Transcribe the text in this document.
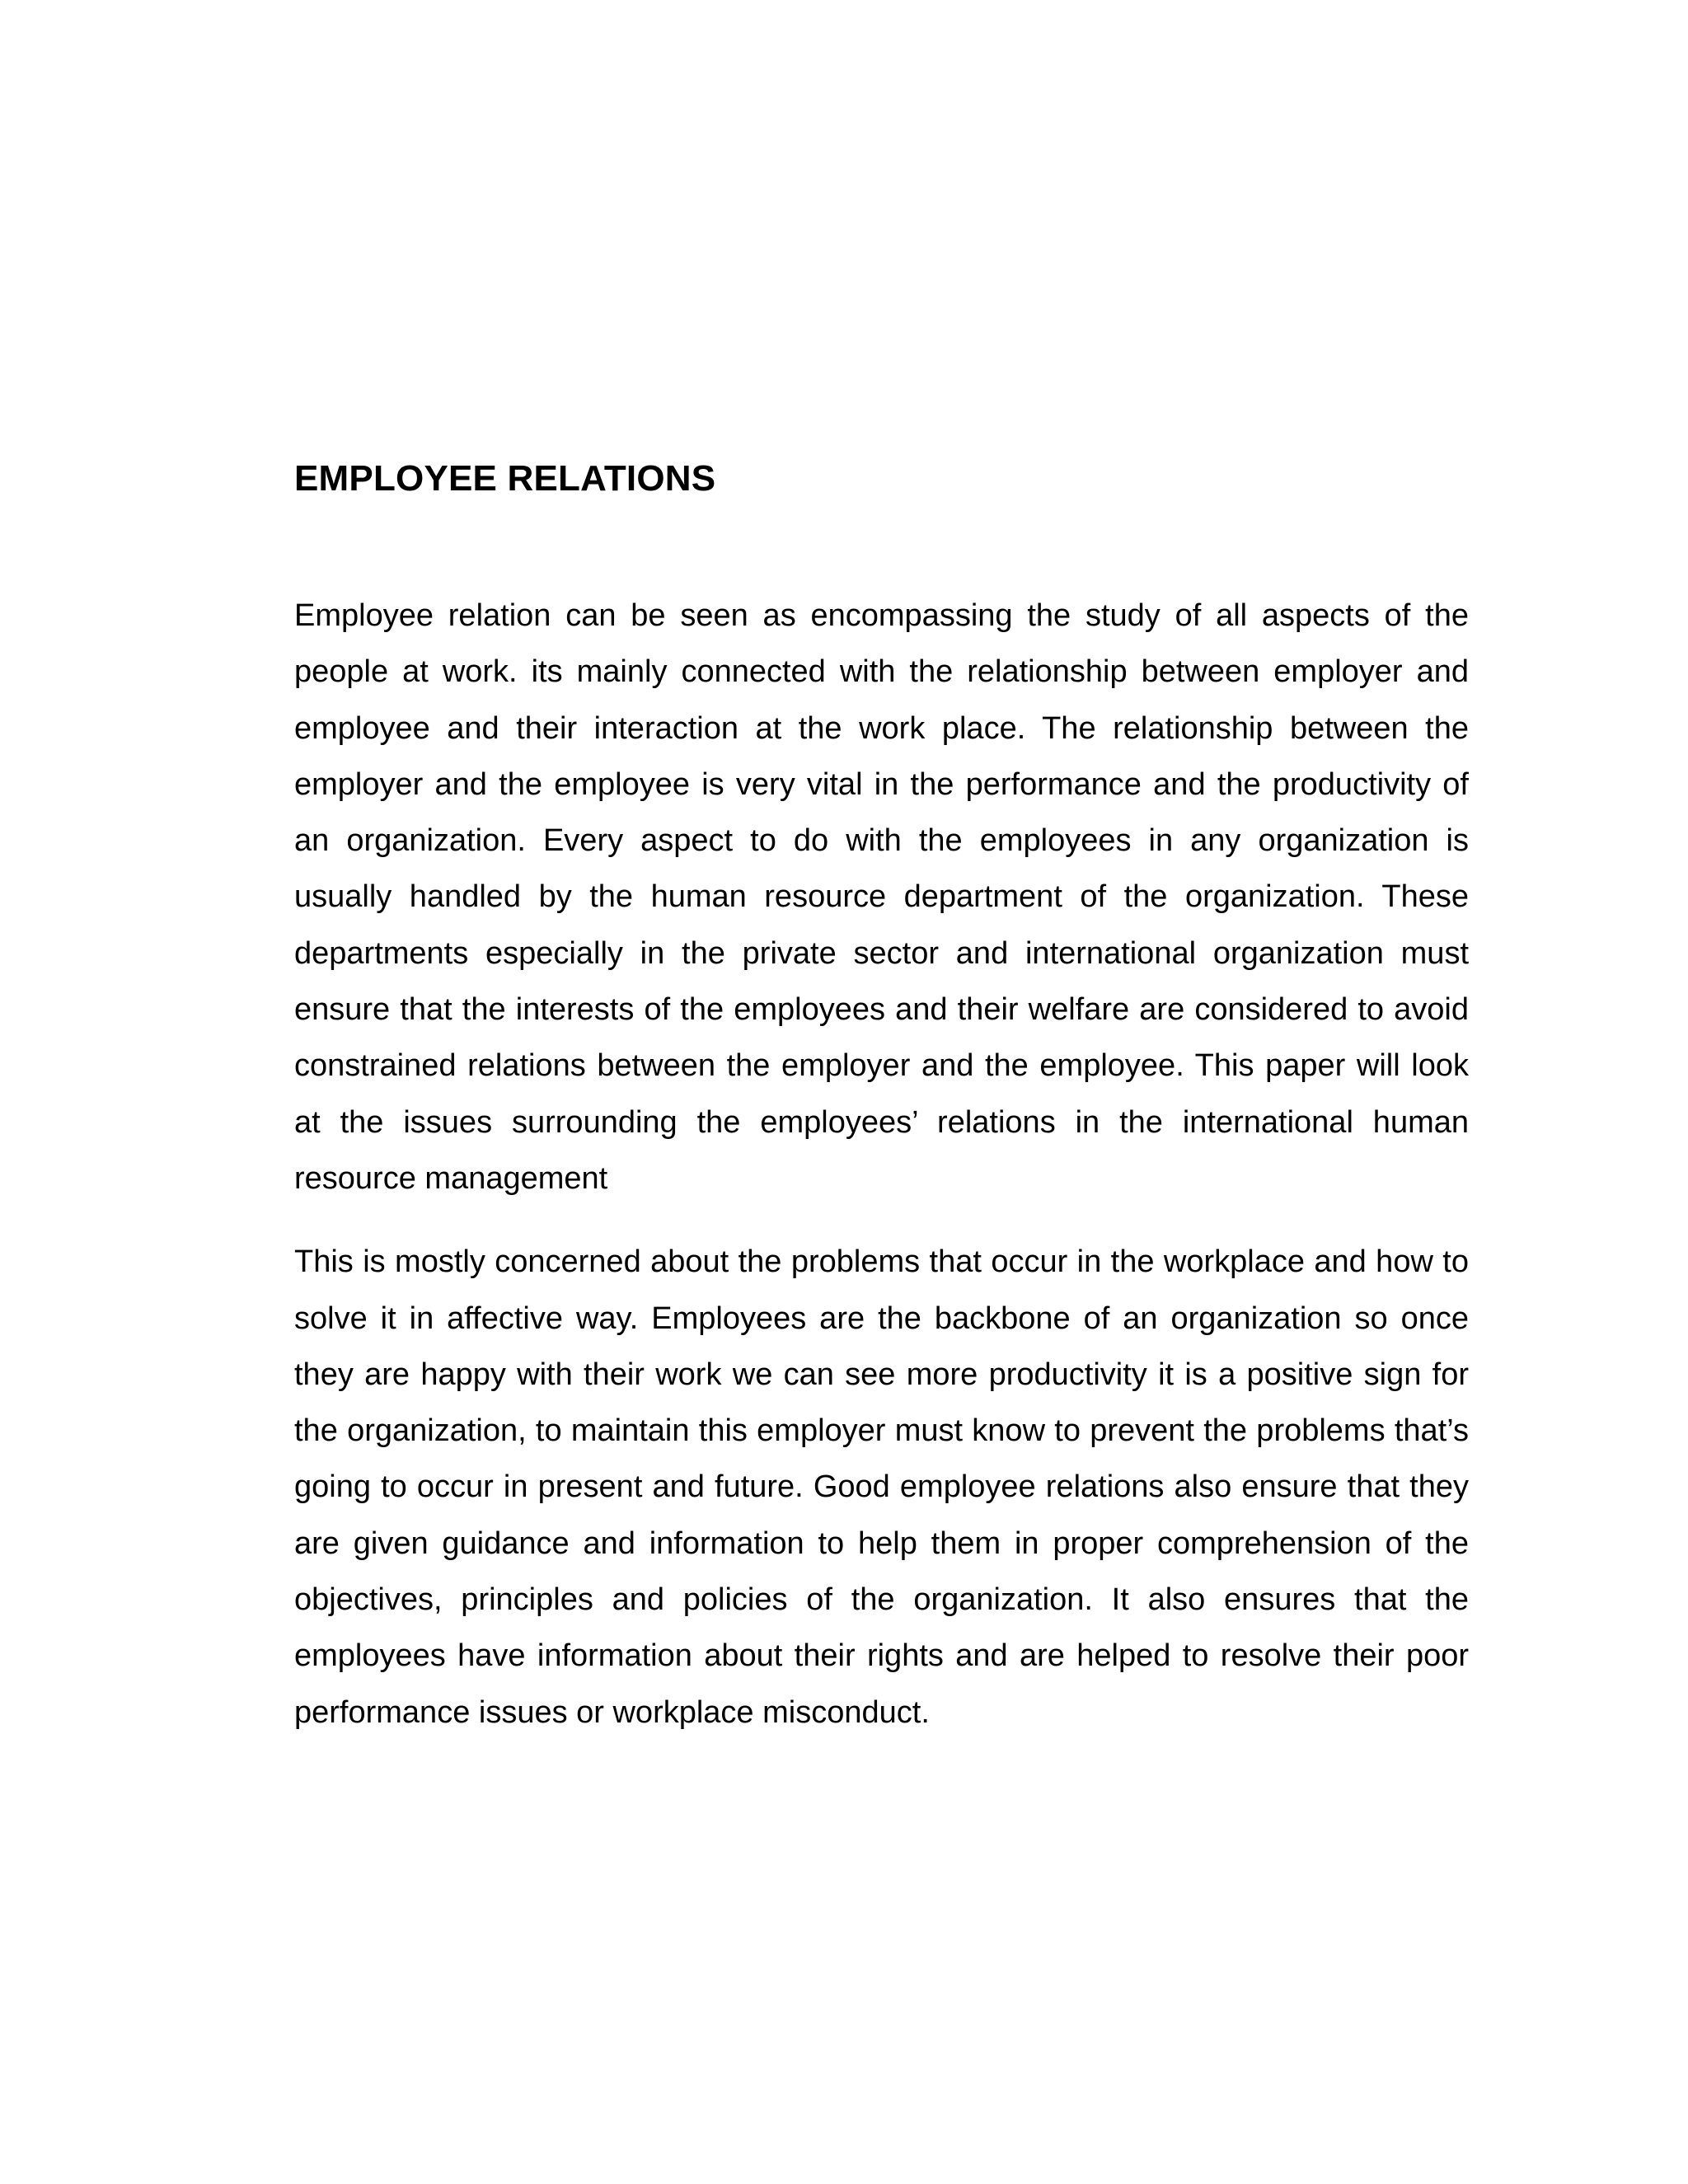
EMPLOYEE RELATIONS

Employee relation can be seen as encompassing the study of all aspects of the people at work. its mainly connected with the relationship between employer and employee and their interaction at the work place. The relationship between the employer and the employee is very vital in the performance and the productivity of an organization. Every aspect to do with the employees in any organization is usually handled by the human resource department of the organization. These departments especially in the private sector and international organization must ensure that the interests of the employees and their welfare are considered to avoid constrained relations between the employer and the employee. This paper will look at the issues surrounding the employees’ relations in the international human resource management

This is mostly concerned about the problems that occur in the workplace and how to solve it in affective way. Employees are the backbone of an organization so once they are happy with their work we can see more productivity it is a positive sign for the organization, to maintain this employer must know to prevent the problems that’s going to occur in present and future. Good employee relations also ensure that they are given guidance and information to help them in proper comprehension of the objectives, principles and policies of the organization. It also ensures that the employees have information about their rights and are helped to resolve their poor performance issues or workplace misconduct.
